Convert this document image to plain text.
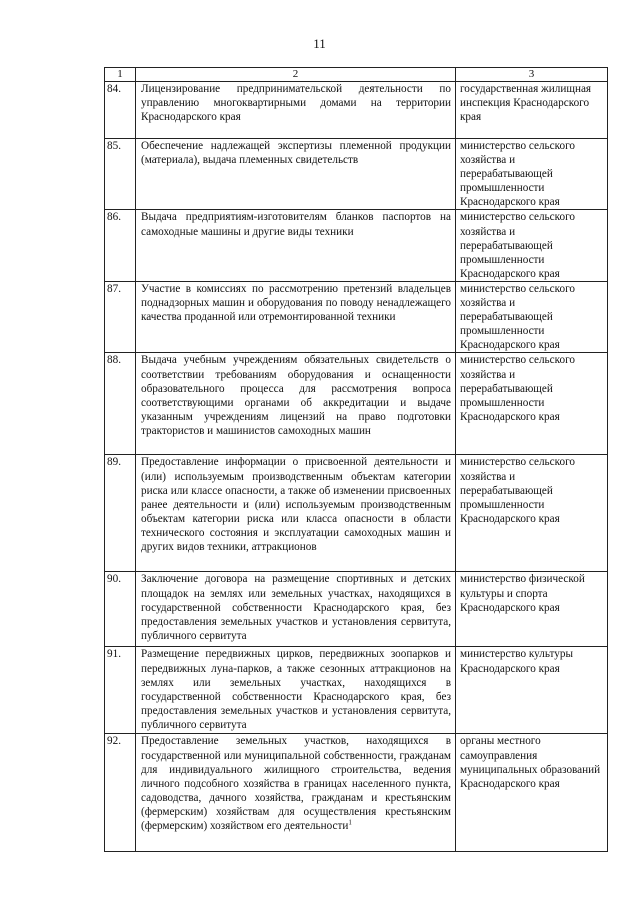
11
1	2	3
84.	Лицензирование предпринимательской деятельности по управлению многоквартирными домами на территории Краснодарского края	государственная жилищная инспекция Краснодарского края
85.	Обеспечение надлежащей экспертизы племенной продукции (материала), выдача племенных свидетельств	министерство сельского хозяйства и перерабатывающей промышленности Краснодарского края
86.	Выдача предприятиям-изготовителям бланков паспортов на самоходные машины и другие виды техники	министерство сельского хозяйства и перерабатывающей промышленности Краснодарского края
87.	Участие в комиссиях по рассмотрению претензий владельцев поднадзорных машин и оборудования по поводу ненадлежащего качества проданной или отремонтированной техники	министерство сельского хозяйства и перерабатывающей промышленности Краснодарского края
88.	Выдача учебным учреждениям обязательных свидетельств о соответствии требованиям оборудования и оснащенности образовательного процесса для рассмотрения вопроса соответствующими органами об аккредитации и выдаче указанным учреждениям лицензий на право подготовки трактористов и машинистов самоходных машин	министерство сельского хозяйства и перерабатывающей промышленности Краснодарского края
89.	Предоставление информации о присвоенной деятельности и (или) используемым производственным объектам категории риска или классе опасности, а также об изменении присвоенных ранее деятельности и (или) используемым производственным объектам категории риска или класса опасности в области технического состояния и эксплуатации самоходных машин и других видов техники, аттракционов	министерство сельского хозяйства и перерабатывающей промышленности Краснодарского края
90.	Заключение договора на размещение спортивных и детских площадок на землях или земельных участках, находящихся в государственной собственности Краснодарского края, без предоставления земельных участков и установления сервитута, публичного сервитута	министерство физической культуры и спорта Краснодарского края
91.	Размещение передвижных цирков, передвижных зоопарков и передвижных луна-парков, а также сезонных аттракционов на землях или земельных участках, находящихся в государственной собственности Краснодарского края, без предоставления земельных участков и установления сервитута, публичного сервитута	министерство культуры Краснодарского края
92.	Предоставление земельных участков, находящихся в государственной или муниципальной собственности, гражданам для индивидуального жилищного строительства, ведения личного подсобного хозяйства в границах населенного пункта, садоводства, дачного хозяйства, гражданам и крестьянским (фермерским) хозяйствам для осуществления крестьянским (фермерским) хозяйством его деятельности$^1$	органы местного самоуправления муниципальных образований Краснодарского края
